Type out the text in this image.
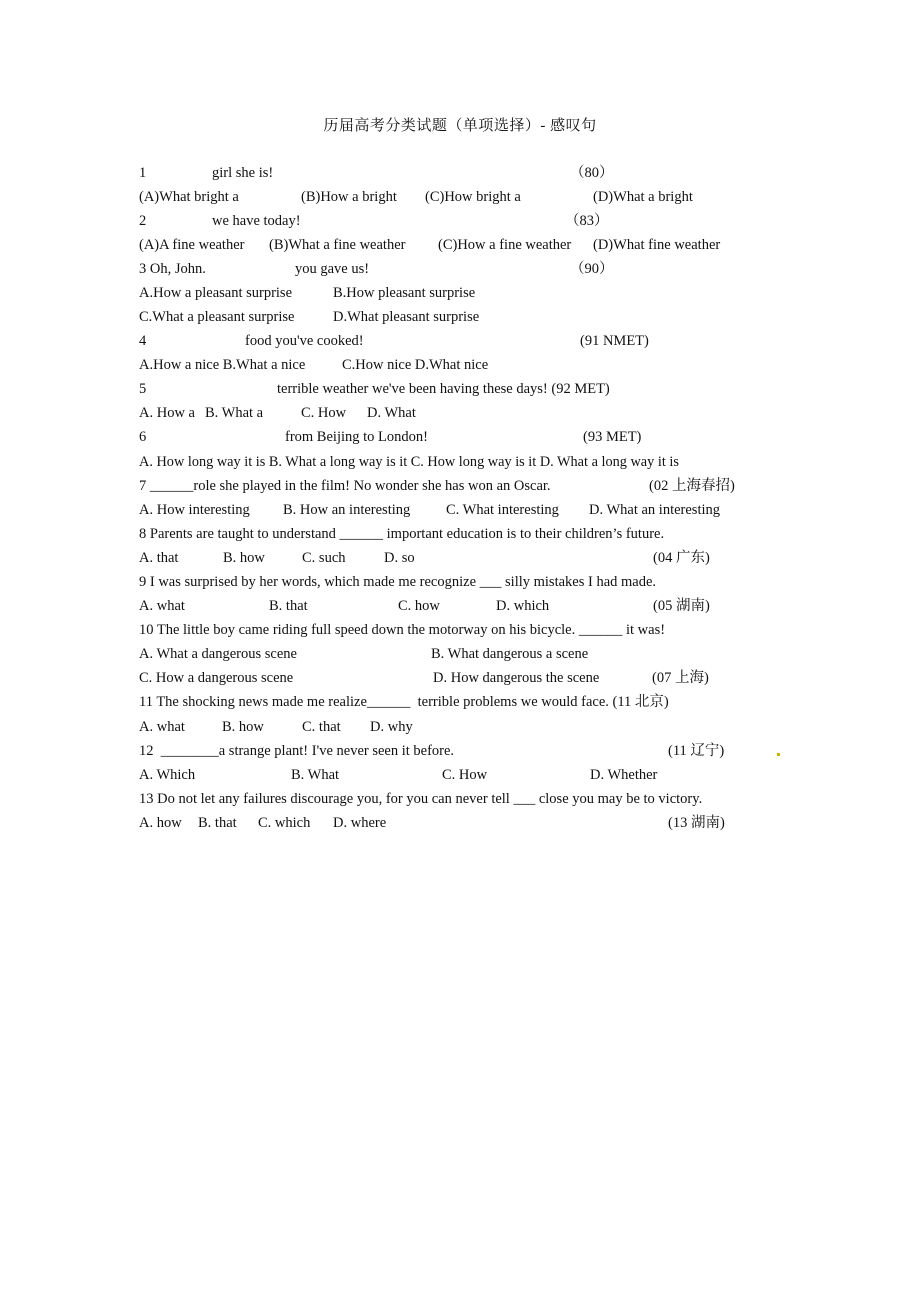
历届高考分类试题（单项选择）- 感叹句
1	girl she is!	（80）
(A)What bright a	(B)How a bright (C)How bright a	(D)What a bright
2	we have today!	（83）
(A)A fine weather (B)What a fine weather (C)How a fine weather (D)What fine weather
3 Oh, John.	you gave us!	（90）
A.How a pleasant surprise	B.How pleasant surprise
C.What a pleasant surprise	D.What pleasant surprise
4	food you've cooked!	(91 NMET)
A.How a nice B.What a nice	C.How nice D.What nice
5	terrible weather we've been having these days! (92 MET)
A. How a B. What a	C. How D. What
6	from Beijing to London!	(93 MET)
A. How long way it is B. What a long way is it C. How long way is it D. What a long way it is
7 ______role she played in the film! No wonder she has won an Oscar.	(02 上海春招)
A. How interesting B. How an interesting C. What interesting D. What an interesting
8 Parents are taught to understand ______ important education is to their children’s future.
A. that	B. how	C. such	D. so	(04 广东)
9 I was surprised by her words, which made me recognize ___ silly mistakes I had made.
A. what	B. that	C. how	D. which	(05 湖南)
10 The little boy came riding full speed down the motorway on his bicycle. ______ it was!
A. What a dangerous scene	B. What dangerous a scene
C. How a dangerous scene	D. How dangerous the scene	(07 上海)
11 The shocking news made me realize______  terrible problems we would face. (11 北京)
A. what	B. how	C. that D. why
12  ________a strange plant! I've never seen it before.	(11 辽宁)
A. Which	B. What	C. How	D. Whether
13 Do not let any failures discourage you, for you can never tell ___ close you may be to victory.
A. how B. that C. which D. where	(13 湖南)
